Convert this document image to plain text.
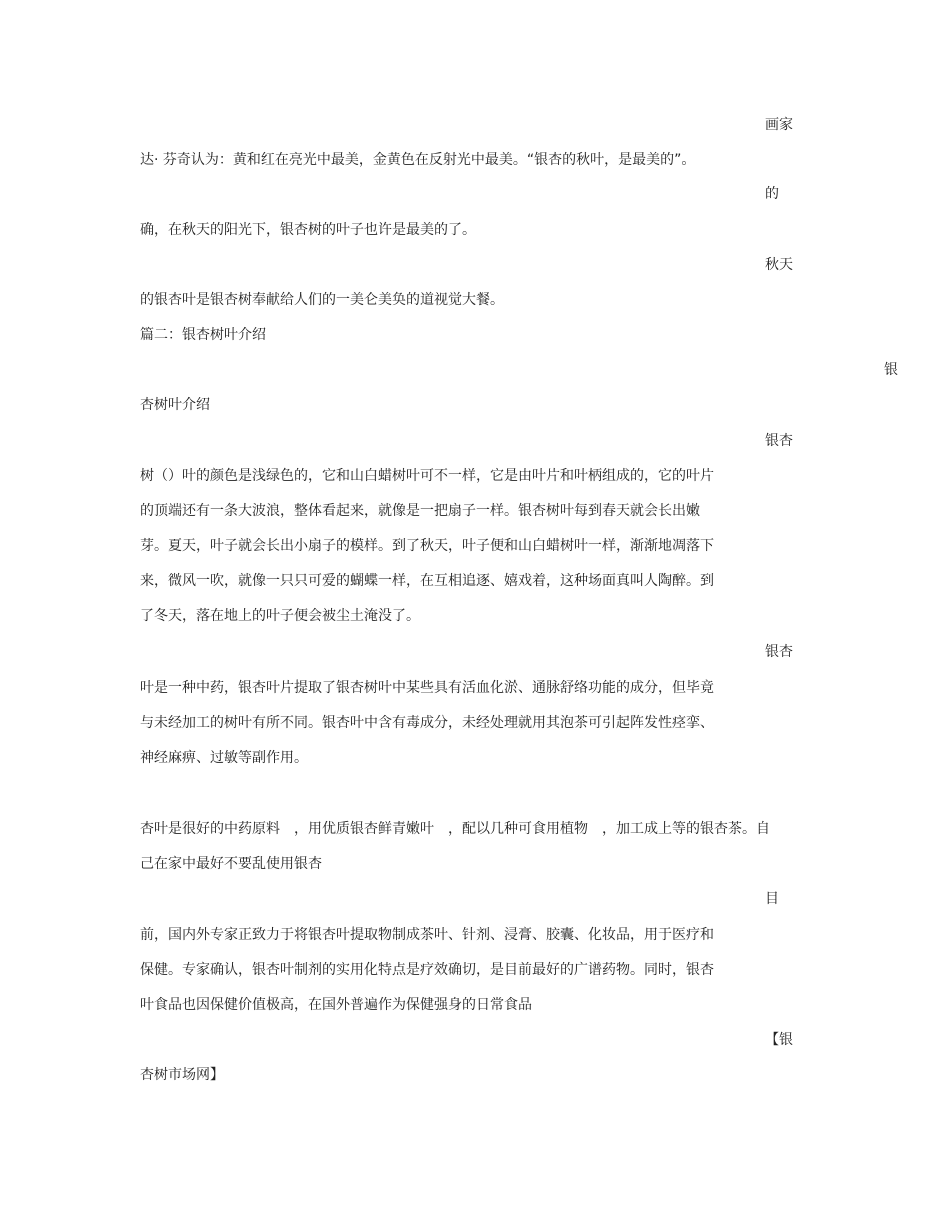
画家
达· 芬奇认为：黄和红在亮光中最美，金黄色在反射光中最美。“银杏的秋叶，是最美的”。
的
确，在秋天的阳光下，银杏树的叶子也许是最美的了。
秋天
的银杏叶是银杏树奉献给人们的一美仑美奂的道视觉大餐。
篇二：银杏树叶介绍
银
杏树叶介绍
银杏
树（）叶的颜色是浅绿色的，它和山白蜡树叶可不一样，它是由叶片和叶柄组成的，它的叶片
的顶端还有一条大波浪，整体看起来，就像是一把扇子一样。银杏树叶每到春天就会长出嫩
芽。夏天，叶子就会长出小扇子的模样。到了秋天，叶子便和山白蜡树叶一样，渐渐地凋落下
来，微风一吹，就像一只只可爱的蝴蝶一样，在互相追逐、嬉戏着，这种场面真叫人陶醉。到
了冬天，落在地上的叶子便会被尘土淹没了。
银杏
叶是一种中药，银杏叶片提取了银杏树叶中某些具有活血化淤、通脉舒络功能的成分，但毕竟
与未经加工的树叶有所不同。银杏叶中含有毒成分，未经处理就用其泡茶可引起阵发性痉挛、
神经麻痹、过敏等副作用。
杏叶是很好的中药原料　，用优质银杏鲜青嫩叶　，配以几种可食用植物　，加工成上等的银杏茶。自
己在家中最好不要乱使用银杏
目
前，国内外专家正致力于将银杏叶提取物制成茶叶、针剂、浸膏、胶囊、化妆品，用于医疗和
保健。专家确认，银杏叶制剂的实用化特点是疗效确切，是目前最好的广谱药物。同时，银杏
叶食品也因保健价值极高，在国外普遍作为保健强身的日常食品
【银
杏树市场网】
